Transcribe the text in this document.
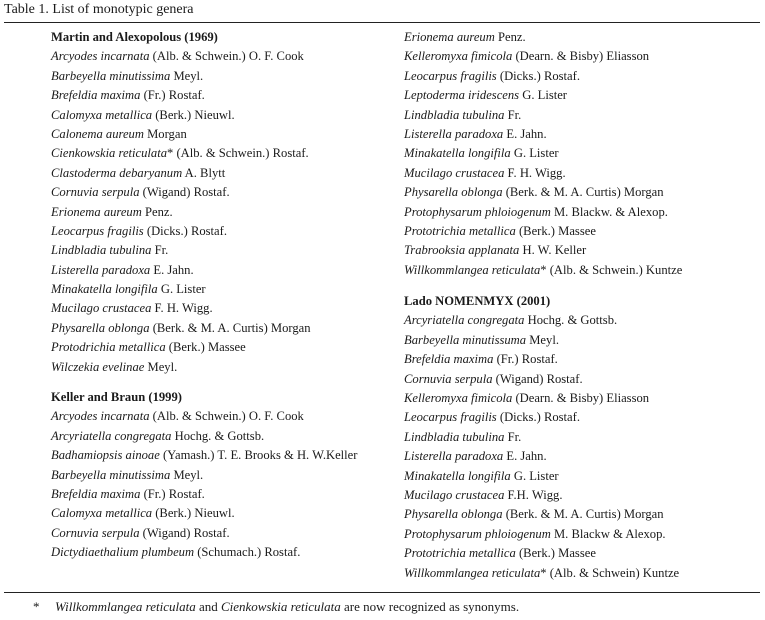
Table 1. List of monotypic genera
Martin and Alexopolous (1969)
Arcyodes incarnata (Alb. & Schwein.) O. F. Cook
Barbeyella minutissima Meyl.
Brefeldia maxima (Fr.) Rostaf.
Calomyxa metallica (Berk.) Nieuwl.
Calonema aureum Morgan
Cienkowskia reticulata* (Alb. & Schwein.) Rostaf.
Clastoderma debaryanum A. Blytt
Cornuvia serpula (Wigand) Rostaf.
Erionema aureum Penz.
Leocarpus fragilis (Dicks.) Rostaf.
Lindbladia tubulina Fr.
Listerella paradoxa E. Jahn.
Minakatella longifila G. Lister
Mucilago crustacea F. H. Wigg.
Physarella oblonga (Berk. & M. A. Curtis) Morgan
Protodrichia metallica (Berk.) Massee
Wilczekia evelinae Meyl.
Keller and Braun (1999)
Arcyodes incarnata (Alb. & Schwein.) O. F. Cook
Arcyriatella congregata Hochg. & Gottsb.
Badhamiopsis ainoae (Yamash.) T. E. Brooks & H. W.Keller
Barbeyella minutissima Meyl.
Brefeldia maxima (Fr.) Rostaf.
Calomyxa metallica (Berk.) Nieuwl.
Cornuvia serpula (Wigand) Rostaf.
Dictydiaethalium plumbeum (Schumach.) Rostaf.
Erionema aureum Penz.
Kelleromyxa fimicola (Dearn. & Bisby) Eliasson
Leocarpus fragilis (Dicks.) Rostaf.
Leptoderma iridescens G. Lister
Lindbladia tubulina Fr.
Listerella paradoxa E. Jahn.
Minakatella longifila G. Lister
Mucilago crustacea F. H. Wigg.
Physarella oblonga (Berk. & M. A. Curtis) Morgan
Protophysarum phloiogenum M. Blackw. & Alexop.
Prototrichia metallica (Berk.) Massee
Trabrooksia applanata H. W. Keller
Willkommlangea reticulata* (Alb. & Schwein.) Kuntze
Lado NOMENMYX (2001)
Arcyriatella congregata Hochg. & Gottsb.
Barbeyella minutissuma Meyl.
Brefeldia maxima (Fr.) Rostaf.
Cornuvia serpula (Wigand) Rostaf.
Kelleromyxa fimicola (Dearn. & Bisby) Eliasson
Leocarpus fragilis (Dicks.) Rostaf.
Lindbladia tubulina Fr.
Listerella paradoxa E. Jahn.
Minakatella longifila G. Lister
Mucilago crustacea F.H. Wigg.
Physarella oblonga (Berk. & M. A. Curtis) Morgan
Protophysarum phloiogenum M. Blackw & Alexop.
Prototrichia metallica (Berk.) Massee
Willkommlangea reticulata* (Alb. & Schwein) Kuntze
* Willkommlangea reticulata and Cienkowskia reticulata are now recognized as synonyms.
